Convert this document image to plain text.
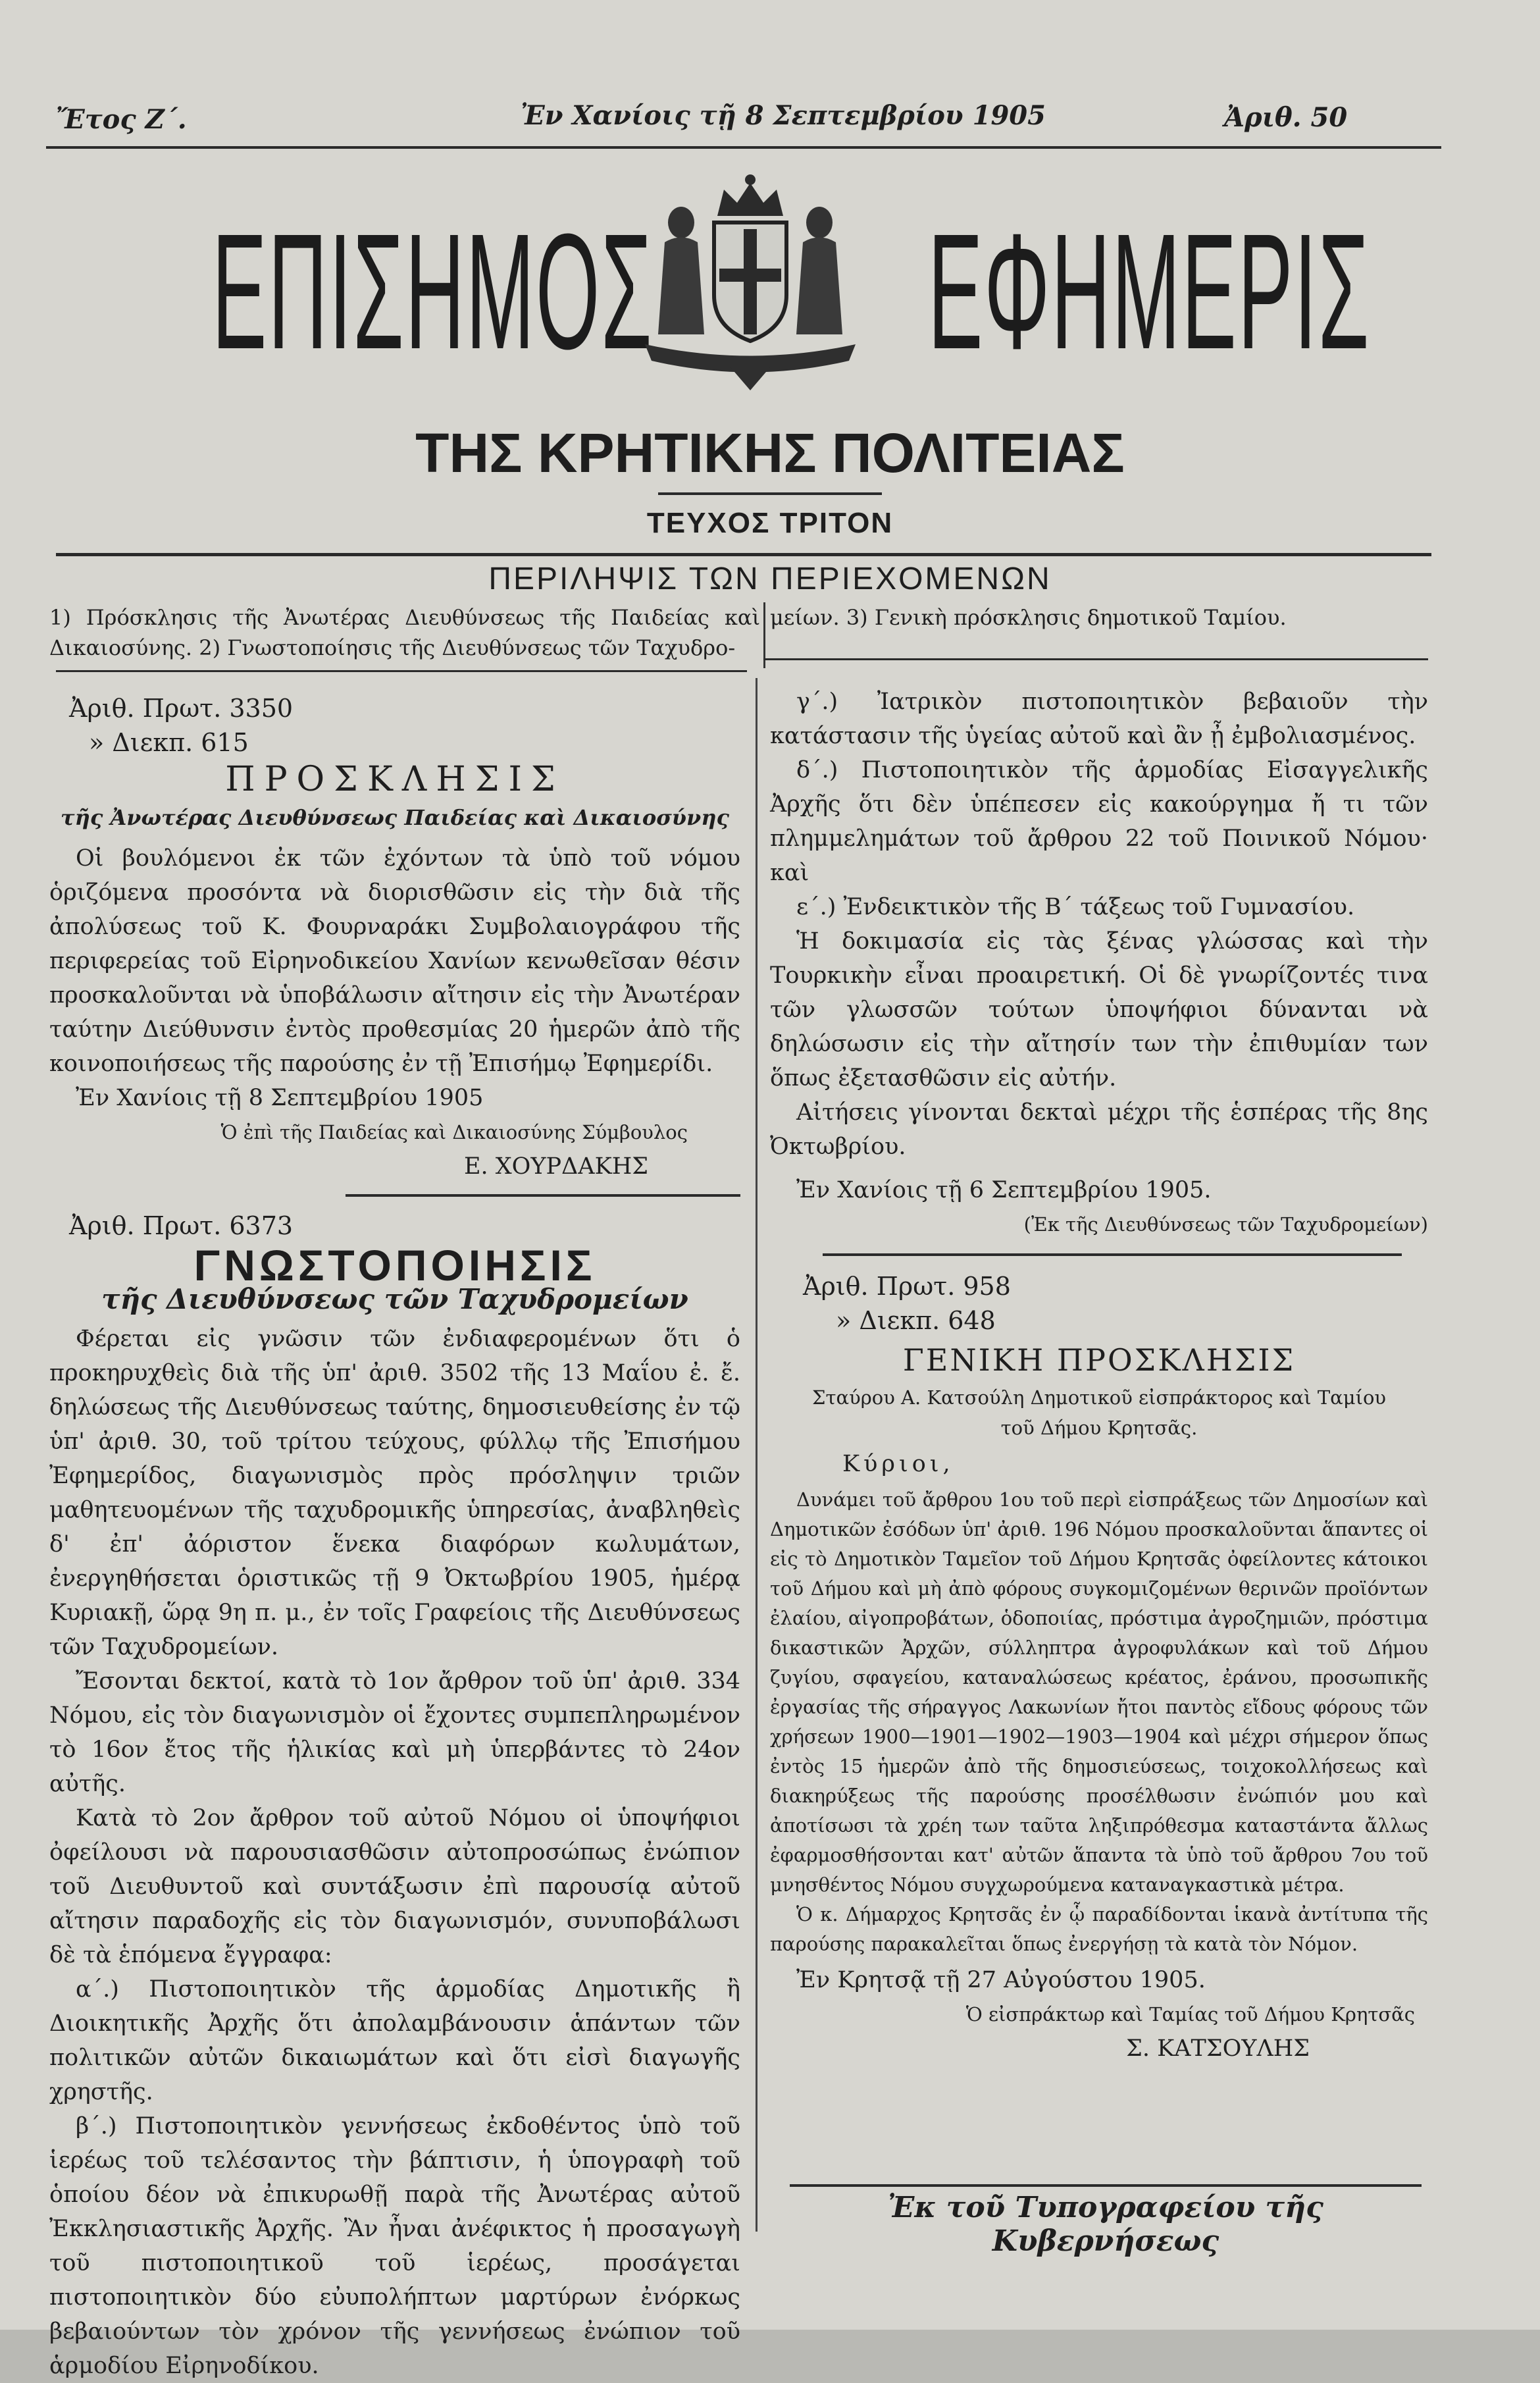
Ἔτος Ζ΄.	Ἐν Χανίοις τῇ 8 Σεπτεμβρίου 1905	Ἀριθ. 50
ΕΠΙΣΗΜΟΣ ΕΦΗΜΕΡΙΣ
ΤΗΣ ΚΡΗΤΙΚΗΣ ΠΟΛΙΤΕΙΑΣ
ΤΕΥΧΟΣ ΤΡΙΤΟΝ
ΠΕΡΙΛΗΨΙΣ ΤΩΝ ΠΕΡΙΕΧΟΜΕΝΩΝ
1) Πρόσκλησις τῆς Ἀνωτέρας Διευθύνσεως τῆς Παιδείας καὶ Δικαιοσύνης. 2) Γνωστοποίησις τῆς Διευθύνσεως τῶν Ταχυδρο-
μείων. 3) Γενικὴ πρόσκλησις δημοτικοῦ Ταμίου.
Ἀριθ. Πρωτ. 3350
» Διεκπ. 615
ΠΡΟΣΚΛΗΣΙΣ
τῆς Ἀνωτέρας Διευθύνσεως Παιδείας καὶ Δικαιοσύνης

Οἱ βουλόμενοι ἐκ τῶν ἐχόντων τὰ ὑπὸ τοῦ νόμου ὁριζόμενα προσόντα νὰ διορισθῶσιν εἰς τὴν διὰ τῆς ἀπολύσεως τοῦ Κ. Φουρναράκι Συμβολαιογράφου τῆς περιφερείας τοῦ Εἰρηνοδικείου Χανίων κενωθεῖσαν θέσιν προσκαλοῦνται νὰ ὑποβάλωσιν αἴτησιν εἰς τὴν Ἀνωτέραν ταύτην Διεύθυνσιν ἐντὸς προθεσμίας 20 ἡμερῶν ἀπὸ τῆς κοινοποιήσεως τῆς παρούσης ἐν τῇ Ἐπισήμῳ Ἐφημερίδι.

Ἐν Χανίοις τῇ 8 Σεπτεμβρίου 1905

Ὁ ἐπὶ τῆς Παιδείας καὶ Δικαιοσύνης Σύμβουλος
Ε. ΧΟΥΡΔΑΚΗΣ
Ἀριθ. Πρωτ. 6373
ΓΝΩΣΤΟΠΟΙΗΣΙΣ
τῆς Διευθύνσεως τῶν Ταχυδρομείων

Φέρεται εἰς γνῶσιν τῶν ἐνδιαφερομένων ὅτι ὁ προκηρυχθεὶς διὰ τῆς ὑπ' ἀριθ. 3502 τῆς 13 Μαΐου ἐ. ἔ. δηλώσεως τῆς Διευθύνσεως ταύτης, δημοσιευθείσης ἐν τῷ ὑπ' ἀριθ. 30, τοῦ τρίτου τεύχους, φύλλῳ τῆς Ἐπισήμου Ἐφημερίδος, διαγωνισμὸς πρὸς πρόσληψιν τριῶν μαθητευομένων τῆς ταχυδρομικῆς ὑπηρεσίας, ἀναβληθεὶς δ' ἐπ' ἀόριστον ἕνεκα διαφόρων κωλυμάτων, ἐνεργηθήσεται ὁριστικῶς τῇ 9 Ὀκτωβρίου 1905, ἡμέρᾳ Κυριακῇ, ὥρᾳ 9η π. μ., ἐν τοῖς Γραφείοις τῆς Διευθύνσεως τῶν Ταχυδρομείων.

Ἔσονται δεκτοί, κατὰ τὸ 1ον ἄρθρον τοῦ ὑπ' ἀριθ. 334 Νόμου, εἰς τὸν διαγωνισμὸν οἱ ἔχοντες συμπεπληρωμένον τὸ 16ον ἔτος τῆς ἡλικίας καὶ μὴ ὑπερβάντες τὸ 24ον αὐτῆς.

Κατὰ τὸ 2ον ἄρθρον τοῦ αὐτοῦ Νόμου οἱ ὑποψήφιοι ὀφείλουσι νὰ παρουσιασθῶσιν αὐτοπροσώπως ἐνώπιον τοῦ Διευθυντοῦ καὶ συντάξωσιν ἐπὶ παρουσίᾳ αὐτοῦ αἴτησιν παραδοχῆς εἰς τὸν διαγωνισμόν, συνυποβάλωσι δὲ τὰ ἑπόμενα ἔγγραφα:

α΄.) Πιστοποιητικὸν τῆς ἁρμοδίας Δημοτικῆς ἢ Διοικητικῆς Ἀρχῆς ὅτι ἀπολαμβάνουσιν ἁπάντων τῶν πολιτικῶν αὐτῶν δικαιωμάτων καὶ ὅτι εἰσὶ διαγωγῆς χρηστῆς.

β΄.) Πιστοποιητικὸν γεννήσεως ἐκδοθέντος ὑπὸ τοῦ ἱερέως τοῦ τελέσαντος τὴν βάπτισιν, ἡ ὑπογραφὴ τοῦ ὁποίου δέον νὰ ἐπικυρωθῇ παρὰ τῆς Ἀνωτέρας αὐτοῦ Ἐκκλησιαστικῆς Ἀρχῆς. Ἂν ἦναι ἀνέφικτος ἡ προσαγωγὴ τοῦ πιστοποιητικοῦ τοῦ ἱερέως, προσάγεται πιστοποιητικὸν δύο εὐυπολήπτων μαρτύρων ἐνόρκως βεβαιούντων τὸν χρόνον τῆς γεννήσεως ἐνώπιον τοῦ ἁρμοδίου Εἰρηνοδίκου.

γ΄.) Ἰατρικὸν πιστοποιητικὸν βεβαιοῦν τὴν κατάστασιν τῆς ὑγείας αὐτοῦ καὶ ἂν ᾖ ἐμβολιασμένος.

δ΄.) Πιστοποιητικὸν τῆς ἁρμοδίας Εἰσαγγελικῆς Ἀρχῆς ὅτι δὲν ὑπέπεσεν εἰς κακούργημα ἤ τι τῶν πλημμελημάτων τοῦ ἄρθρου 22 τοῦ Ποινικοῦ Νόμου· καὶ

ε΄.) Ἐνδεικτικὸν τῆς Β΄ τάξεως τοῦ Γυμνασίου.

Ἡ δοκιμασία εἰς τὰς ξένας γλώσσας καὶ τὴν Τουρκικὴν εἶναι προαιρετική. Οἱ δὲ γνωρίζοντές τινα τῶν γλωσσῶν τούτων ὑποψήφιοι δύνανται νὰ δηλώσωσιν εἰς τὴν αἴτησίν των τὴν ἐπιθυμίαν των ὅπως ἐξετασθῶσιν εἰς αὐτήν.

Αἰτήσεις γίνονται δεκταὶ μέχρι τῆς ἑσπέρας τῆς 8ης Ὀκτωβρίου.

Ἐν Χανίοις τῇ 6 Σεπτεμβρίου 1905.

(Ἐκ τῆς Διευθύνσεως τῶν Ταχυδρομείων)
Ἀριθ. Πρωτ. 958
» Διεκπ. 648
ΓΕΝΙΚΗ ΠΡΟΣΚΛΗΣΙΣ
Σταύρου Α. Κατσούλη Δημοτικοῦ εἰσπράκτορος καὶ Ταμίου τοῦ Δήμου Κρητσᾶς.
Κύριοι,

Δυνάμει τοῦ ἄρθρου 1ου τοῦ περὶ εἰσπράξεως τῶν Δημοσίων καὶ Δημοτικῶν ἐσόδων ὑπ' ἀριθ. 196 Νόμου προσκαλοῦνται ἅπαντες οἱ εἰς τὸ Δημοτικὸν Ταμεῖον τοῦ Δήμου Κρητσᾶς ὀφείλοντες κάτοικοι τοῦ Δήμου καὶ μὴ ἀπὸ φόρους συγκομιζομένων θερινῶν προϊόντων ἐλαίου, αἰγοπροβάτων, ὁδοποιίας, πρόστιμα ἀγροζημιῶν, πρόστιμα δικαστικῶν Ἀρχῶν, σύλληπτρα ἀγροφυλάκων καὶ τοῦ Δήμου ζυγίου, σφαγείου, καταναλώσεως κρέατος, ἐράνου, προσωπικῆς ἐργασίας τῆς σήραγγος Λακωνίων ἤτοι παντὸς εἴδους φόρους τῶν χρήσεων 1900—1901—1902—1903—1904 καὶ μέχρι σήμερον ὅπως ἐντὸς 15 ἡμερῶν ἀπὸ τῆς δημοσιεύσεως, τοιχοκολλήσεως καὶ διακηρύξεως τῆς παρούσης προσέλθωσιν ἐνώπιόν μου καὶ ἀποτίσωσι τὰ χρέη των ταῦτα ληξιπρόθεσμα καταστάντα ἄλλως ἐφαρμοσθήσονται κατ' αὐτῶν ἅπαντα τὰ ὑπὸ τοῦ ἄρθρου 7ου τοῦ μνησθέντος Νόμου συγχωρούμενα καταναγκαστικὰ μέτρα.

Ὁ κ. Δήμαρχος Κρητσᾶς ἐν ᾧ παραδίδονται ἱκανὰ ἀντίτυπα τῆς παρούσης παρακαλεῖται ὅπως ἐνεργήσῃ τὰ κατὰ τὸν Νόμον.

Ἐν Κρητσᾷ τῇ 27 Αὐγούστου 1905.

Ὁ εἰσπράκτωρ καὶ Ταμίας τοῦ Δήμου Κρητσᾶς
Σ. ΚΑΤΣΟΥΛΗΣ
Ἐκ τοῦ Τυπογραφείου τῆς Κυβερνήσεως
